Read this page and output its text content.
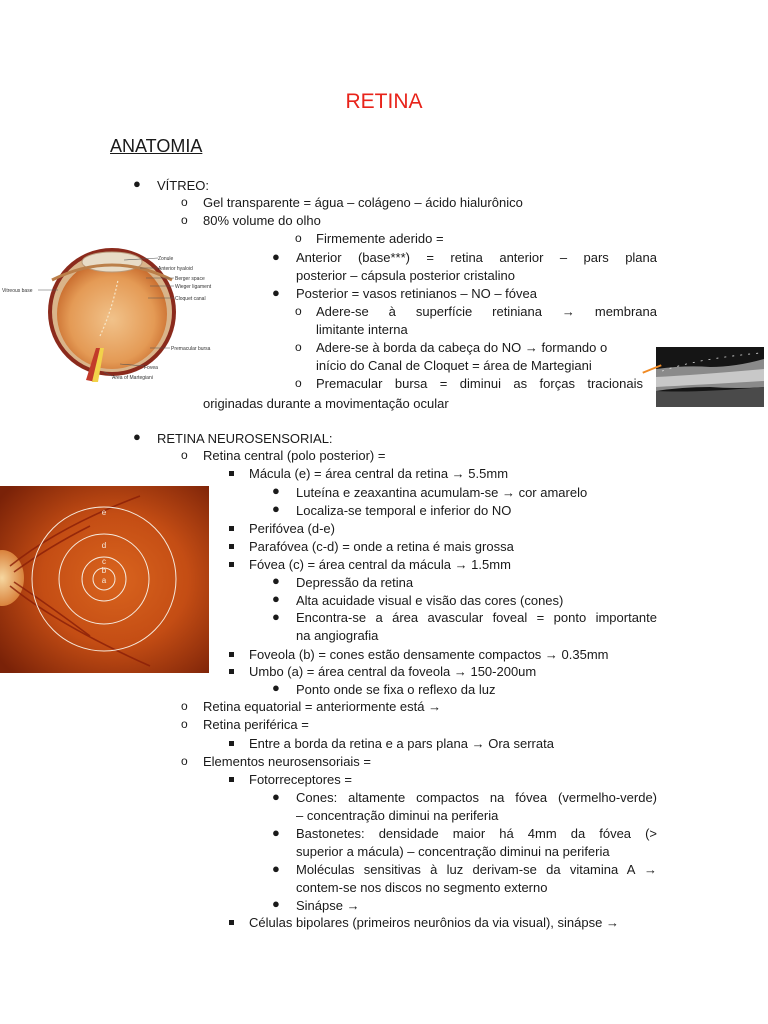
RETINA
ANATOMIA
● VÍTREO:
o Gel transparente = água – colágeno – ácido hialurônico
o 80% volume do olho
o Firmemente aderido =
● Anterior (base***) = retina anterior – pars plana
posterior – cápsula posterior cristalino
● Posterior = vasos retinianos – NO – fóvea
o Adere-se à superfície retiniana → membrana
limitante interna
o Adere-se à borda da cabeça do NO → formando o
início do Canal de Cloquet = área de Martegiani
o Premacular bursa = diminui as forças tracionais
originadas durante a movimentação ocular
Zonule
Anterior hyaloid
Berger space
Wieger ligament
Cloquet canal
Vitreous base
Premacular bursa
Fovea
Area of Martegiani
● RETINA NEUROSENSORIAL:
o Retina central (polo posterior) =
Mácula (e) = área central da retina → 5.5mm
● Luteína e zeaxantina acumulam-se → cor amarelo
● Localiza-se temporal e inferior do NO
Perifóvea (d-e)
Parafóvea (c-d) = onde a retina é mais grossa
Fóvea (c) = área central da mácula → 1.5mm
● Depressão da retina
● Alta acuidade visual e visão das cores (cones)
● Encontra-se a área avascular foveal = ponto importante
na angiografia
Foveola (b) = cones estão densamente compactos → 0.35mm
Umbo (a) = área central da foveola → 150-200um
● Ponto onde se fixa o reflexo da luz
o Retina equatorial = anteriormente está →
o Retina periférica =
Entre a borda da retina e a pars plana → Ora serrata
o Elementos neurosensoriais =
Fotorreceptores =
● Cones: altamente compactos na fóvea (vermelho-verde)
– concentração diminui na periferia
● Bastonetes: densidade maior há 4mm da fóvea (>
superior a mácula) – concentração diminui na periferia
● Moléculas sensitivas à luz derivam-se da vitamina A →
contem-se nos discos no segmento externo
● Sinápse →
Células bipolares (primeiros neurônios da via visual), sinápse →
e
d
c
b
a
